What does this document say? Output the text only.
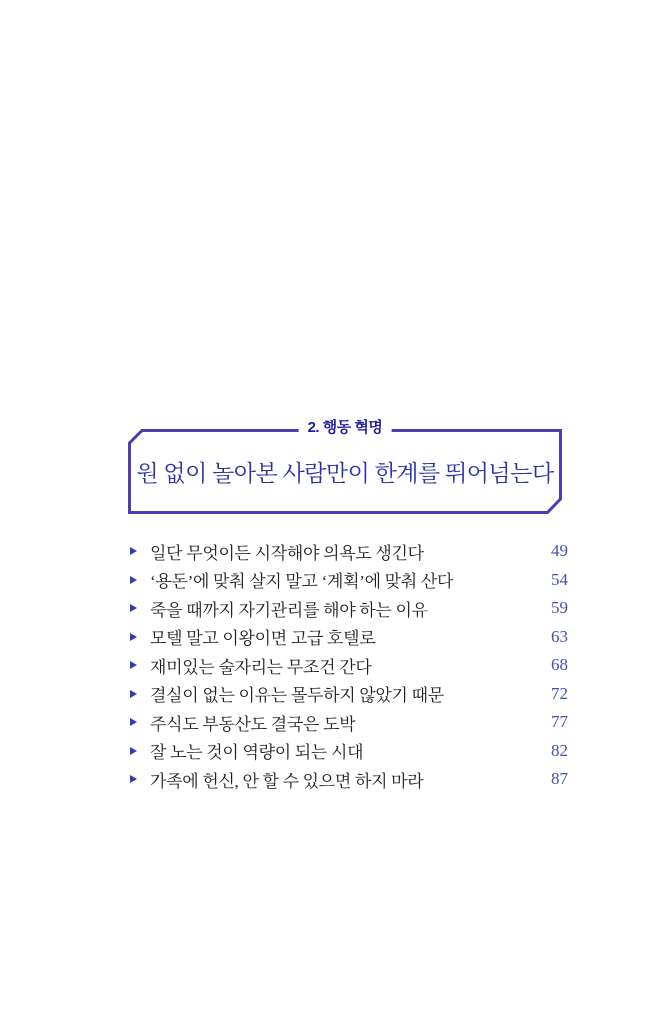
2. 행동 혁명
원 없이 놀아본 사람만이 한계를 뛰어넘는다
일단 무엇이든 시작해야 의욕도 생긴다	49
‘용돈’에 맞춰 살지 말고 ‘계획’에 맞춰 산다	54
죽을 때까지 자기관리를 해야 하는 이유	59
모텔 말고 이왕이면 고급 호텔로	63
재미있는 술자리는 무조건 간다	68
결실이 없는 이유는 몰두하지 않았기 때문	72
주식도 부동산도 결국은 도박	77
잘 노는 것이 역량이 되는 시대	82
가족에 헌신, 안 할 수 있으면 하지 마라	87
